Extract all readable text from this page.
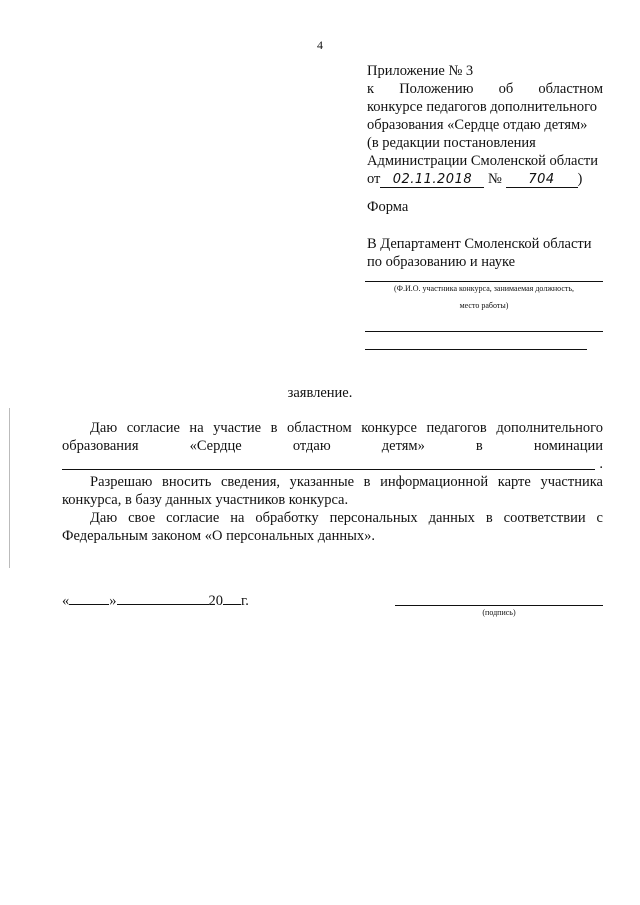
4
Приложение № 3
к Положению об областном
конкурсе педагогов дополнительного
образования «Сердце отдаю детям»
(в редакции постановления
Администрации Смоленской области
от 02.11.2018 № 704 )
Форма
В Департамент Смоленской области
по образованию и науке
(Ф.И.О. участника конкурса, занимаемая должность,
место работы)
заявление.

Даю согласие на участие в областном конкурсе педагогов дополнительного

образования «Сердце отдаю детям» в номинации

.

Разрешаю вносить сведения, указанные в информационной карте участника конкурса, в базу данных участников конкурса.

Даю свое согласие на обработку персональных данных в соответствии с Федеральным законом «О персональных данных».

«	»	20 г.
(подпись)
